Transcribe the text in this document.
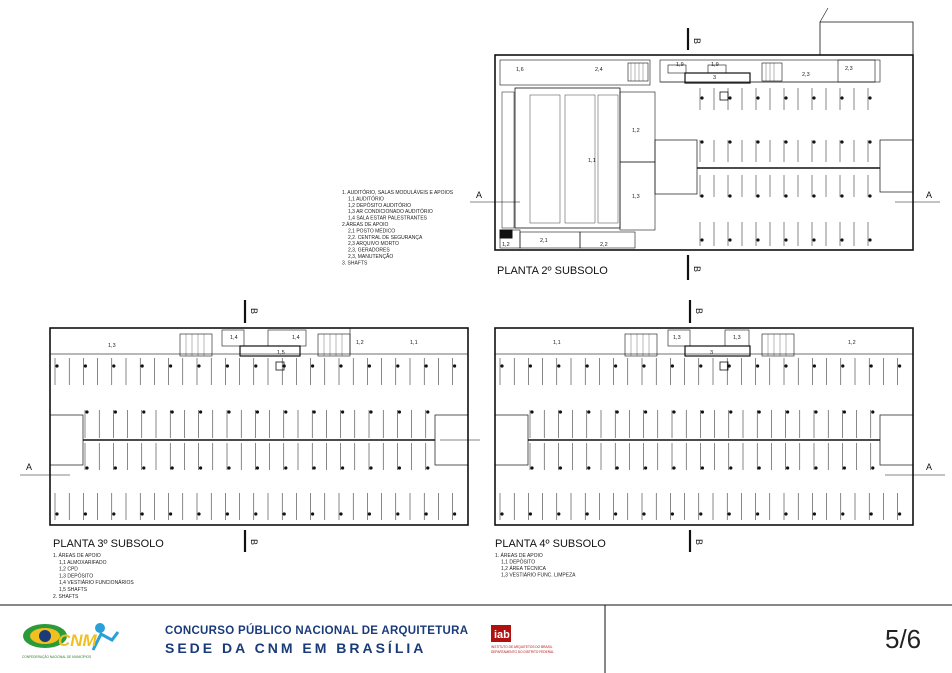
A	A
B
B
A
B
B
A
B
B
1,6	2,4
1,9	1,9
3	2,3
2,3
1,2
1,1
1,3
1,2
2,1
2,2
1,3
1,4	1,4
1,5
1,2	1,1	1,1
1,3	1,3
3
1,2
PLANTA 2º SUBSOLO
PLANTA 3º SUBSOLO	PLANTA 4º SUBSOLO
1. AUDITÓRIO, SALAS MODULÁVEIS E APOIOS
1,1 AUDITÓRIO
1,2 DEPÓSITO AUDITÓRIO
1,3 AR CONDICIONADO AUDITÓRIO
1,4 SALA ESTAR PALESTRANTES
2.ÁREAS DE APOIO
2,1 POSTO MÉDICO
2,2. CENTRAL DE SEGURANÇA
2,3 ARQUIVO MORTO
2,3, GERADORES
2,3, MANUTENÇÃO
3. SHAFTS
1. ÁREAS DE APOIO
1,1 ALMOXARIFADO
1,2 CPD
1,3 DEPÓSITO
1,4 VESTIÁRIO FUNCIONÁRIOS
1,5 SHAFTS
2. SHAFTS
1. ÁREAS DE APOIO
1,1 DEPÓSITO
1,2 ÁREA TÉCNICA
1,3 VESTIÁRIO FUNC. LIMPEZA
CNM
CONFEDERAÇÃO NACIONAL DE MUNICÍPIOS
CONCURSO PÚBLICO NACIONAL DE ARQUITETURA
SEDE DA CNM EM BRASÍLIA
iab
INSTITUTO DE ARQUITETOS DO BRASIL
DEPARTAMENTO DO DISTRITO FEDERAL	5/6
